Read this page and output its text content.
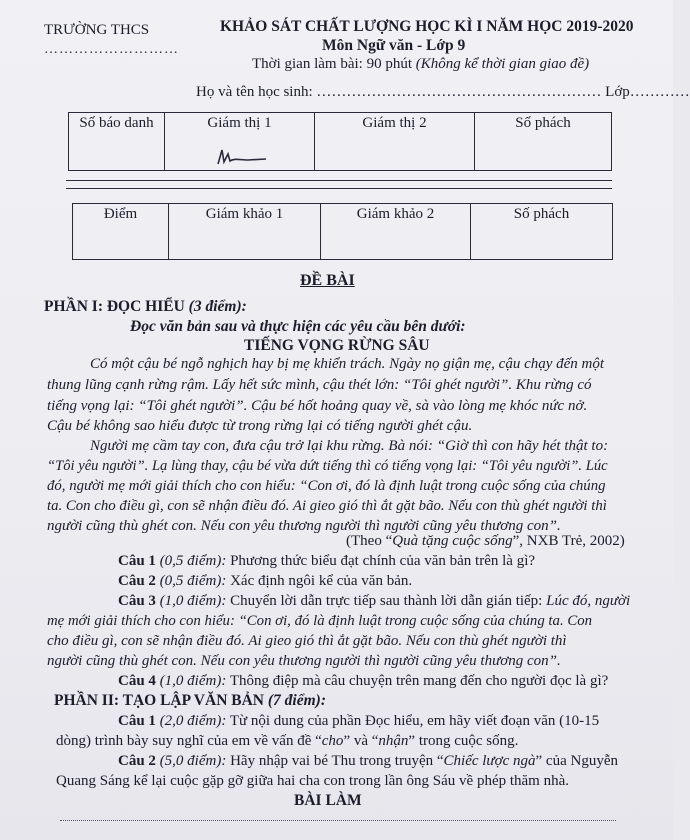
TRƯỜNG THCS
………………………
KHẢO SÁT CHẤT LƯỢNG HỌC KÌ I NĂM HỌC 2019-2020
Môn Ngữ văn - Lớp 9
Thời gian làm bài: 90 phút (Không kể thời gian giao đề)
Họ và tên học sinh: ………………………………………………… Lớp…………
Số báo danh	Giám thị 1	Giám thị 2	Số phách
Điểm	Giám khảo 1	Giám khảo 2	Số phách
ĐỀ BÀI
PHẦN I: ĐỌC HIỂU (3 điểm):
Đọc văn bản sau và thực hiện các yêu cầu bên dưới:
TIẾNG VỌNG RỪNG SÂU
Có một cậu bé ngỗ nghịch hay bị mẹ khiển trách. Ngày nọ giận mẹ, cậu chạy đến một
thung lũng cạnh rừng rậm. Lấy hết sức mình, cậu thét lớn: “Tôi ghét người”. Khu rừng có
tiếng vọng lại: “Tôi ghét người”. Cậu bé hốt hoảng quay về, sà vào lòng mẹ khóc nức nở.
Cậu bé không sao hiểu được từ trong rừng lại có tiếng người ghét cậu.
Người mẹ cầm tay con, đưa cậu trở lại khu rừng. Bà nói: “Giờ thì con hãy hét thật to:
“Tôi yêu người”. Lạ lùng thay, cậu bé vừa dứt tiếng thì có tiếng vọng lại: “Tôi yêu người”. Lúc
đó, người mẹ mới giải thích cho con hiểu: “Con ơi, đó là định luật trong cuộc sống của chúng
ta. Con cho điều gì, con sẽ nhận điều đó. Ai gieo gió thì ắt gặt bão. Nếu con thù ghét người thì
người cũng thù ghét con. Nếu con yêu thương người thì người cũng yêu thương con”.
(Theo “Quà tặng cuộc sống”, NXB Trẻ, 2002)
Câu 1 (0,5 điểm): Phương thức biểu đạt chính của văn bản trên là gì?
Câu 2 (0,5 điểm): Xác định ngôi kể của văn bản.
Câu 3 (1,0 điểm): Chuyển lời dẫn trực tiếp sau thành lời dẫn gián tiếp: Lúc đó, người
mẹ mới giải thích cho con hiểu: “Con ơi, đó là định luật trong cuộc sống của chúng ta. Con
cho điều gì, con sẽ nhận điều đó. Ai gieo gió thì ắt gặt bão. Nếu con thù ghét người thì
người cũng thù ghét con. Nếu con yêu thương người thì người cũng yêu thương con”.
Câu 4 (1,0 điểm): Thông điệp mà câu chuyện trên mang đến cho người đọc là gì?
PHẦN II: TẠO LẬP VĂN BẢN (7 điểm):
Câu 1 (2,0 điểm): Từ nội dung của phần Đọc hiểu, em hãy viết đoạn văn (10-15
dòng) trình bày suy nghĩ của em về vấn đề “cho” và “nhận” trong cuộc sống.
Câu 2 (5,0 điểm): Hãy nhập vai bé Thu trong truyện “Chiếc lược ngà” của Nguyễn
Quang Sáng kể lại cuộc gặp gỡ giữa hai cha con trong lần ông Sáu về phép thăm nhà.
BÀI LÀM
